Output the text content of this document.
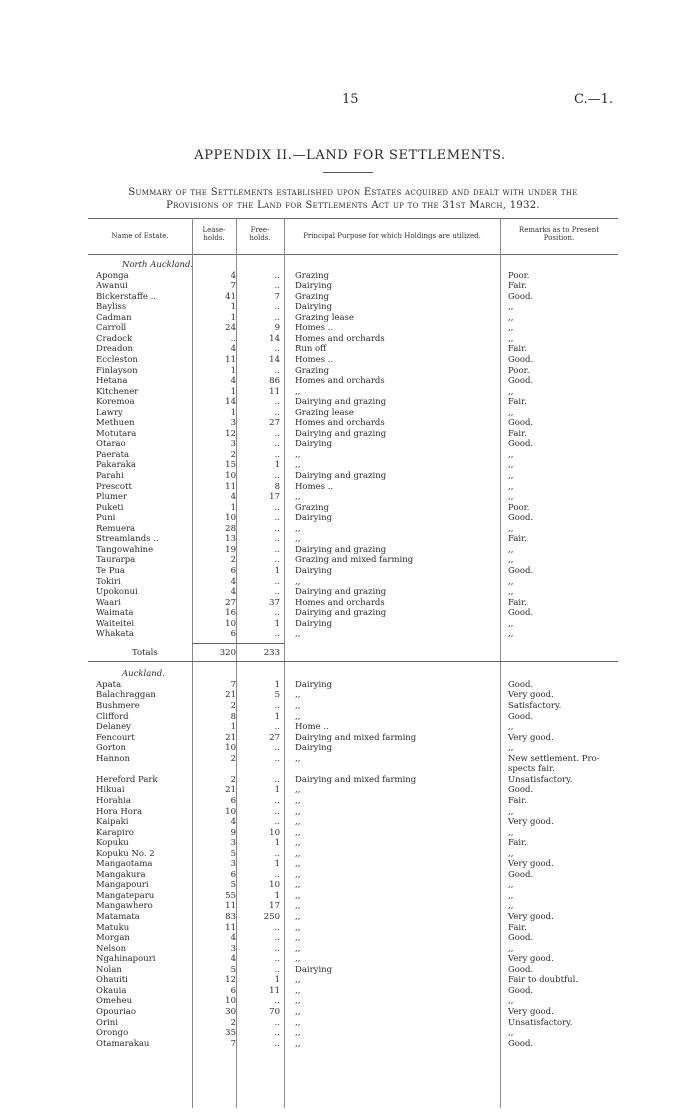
15	C.—1.
APPENDIX II.—LAND FOR SETTLEMENTS.
Summary of the Settlements established upon Estates acquired and dealt with under the
Provisions of the Land for Settlements Act up to the 31st March, 1932.
Name of Estate.
Lease-
holds.
Free-
holds.	Principal Purpose for which Holdings are utilized.
Remarks as to Present
Position.
North Auckland.
Aponga	4	.. Grazing	Poor.
Awanui	7	.. Dairying	Fair.
Bickerstaffe ..	41	7 Grazing	Good.
Bayliss	1	.. Dairying	,,
Cadman	1	.. Grazing lease	,,
Carroll	24	9 Homes ..	,,
Cradock	..	14 Homes and orchards	,,
Dreadon	4	.. Run off	Fair.
Eccleston	11	14 Homes ..	Good.
Finlayson	1	.. Grazing	Poor.
Hetana	4	86 Homes and orchards	Good.
Kitchener	1	11 ,,	,,
Koremoa	14	.. Dairying and grazing	Fair.
Lawry	1	.. Grazing lease	,,
Methuen	3	27 Homes and orchards	Good.
Motutara	12	.. Dairying and grazing	Fair.
Otarao	3	.. Dairying	Good.
Paerata	2	.. ,,	,,
Pakaraka	15	1 ,,	,,
Parahi	10	.. Dairying and grazing	,,
Prescott	11	8 Homes ..	,,
Plumer	4	17 ,,	,,
Puketi	1	.. Grazing	Poor.
Puni	10	.. Dairying	Good.
Remuera	28	.. ,,	,,
Streamlands ..	13	.. ,,	Fair.
Tangowahine	19	.. Dairying and grazing	,,
Taurarpa	2	.. Grazing and mixed farming	,,
Te Pua	6	1 Dairying	Good.
Tokiri	4	.. ,,	,,
Upokonui	4	.. Dairying and grazing	,,
Waari	27	37 Homes and orchards	Fair.
Waimata	16	.. Dairying and grazing	Good.
Waiteitei	10	1 Dairying	,,
Whakata	6	.. ,,	,,
Totals	320	233
Auckland.
Apata	7	1 Dairying	Good.
Balachraggan	21	5 ,,	Very good.
Bushmere	2	.. ,,	Satisfactory.
Clifford	8	1 ,,	Good.
Delaney	1	.. Home ..	,,
Fencourt	21	27 Dairying and mixed farming	Very good.
Gorton	10	.. Dairying	,,
Hannon	2	.. ,,	New settlement. Pro-
spects fair.
Hereford Park	2	.. Dairying and mixed farming	Unsatisfactory.
Hikuai	21	1 ,,	Good.
Horahia	6	.. ,,	Fair.
Hora Hora	10	.. ,,	,,
Kaipaki	4	.. ,,	Very good.
Karapiro	9	10 ,,	,,
Kopuku	3	1 ,,	Fair.
Kopuku No. 2	5	.. ,,	,,
Mangaotama	3	1 ,,	Very good.
Mangakura	6	.. ,,	Good.
Mangapouri	5	10 ,,	,,
Mangateparu	55	1 ,,	,,
Mangawhero	11	17 ,,	,,
Matamata	83	250 ,,	Very good.
Matuku	11	.. ,,	Fair.
Morgan	4	.. ,,	Good.
Nelson	3	.. ,,	,,
Ngahinapouri	4	.. ,,	Very good.
Nolan	5	.. Dairying	Good.
Ohauiti	12	1 ,,	Fair to doubtful.
Okauia	6	11 ,,	Good.
Omeheu	10	.. ,,	,,
Opouriao	30	70 ,,	Very good.
Orini	2	.. ,,	Unsatisfactory.
Orongo	35	.. ,,	,,
Otamarakau	7	.. ,,	Good.
